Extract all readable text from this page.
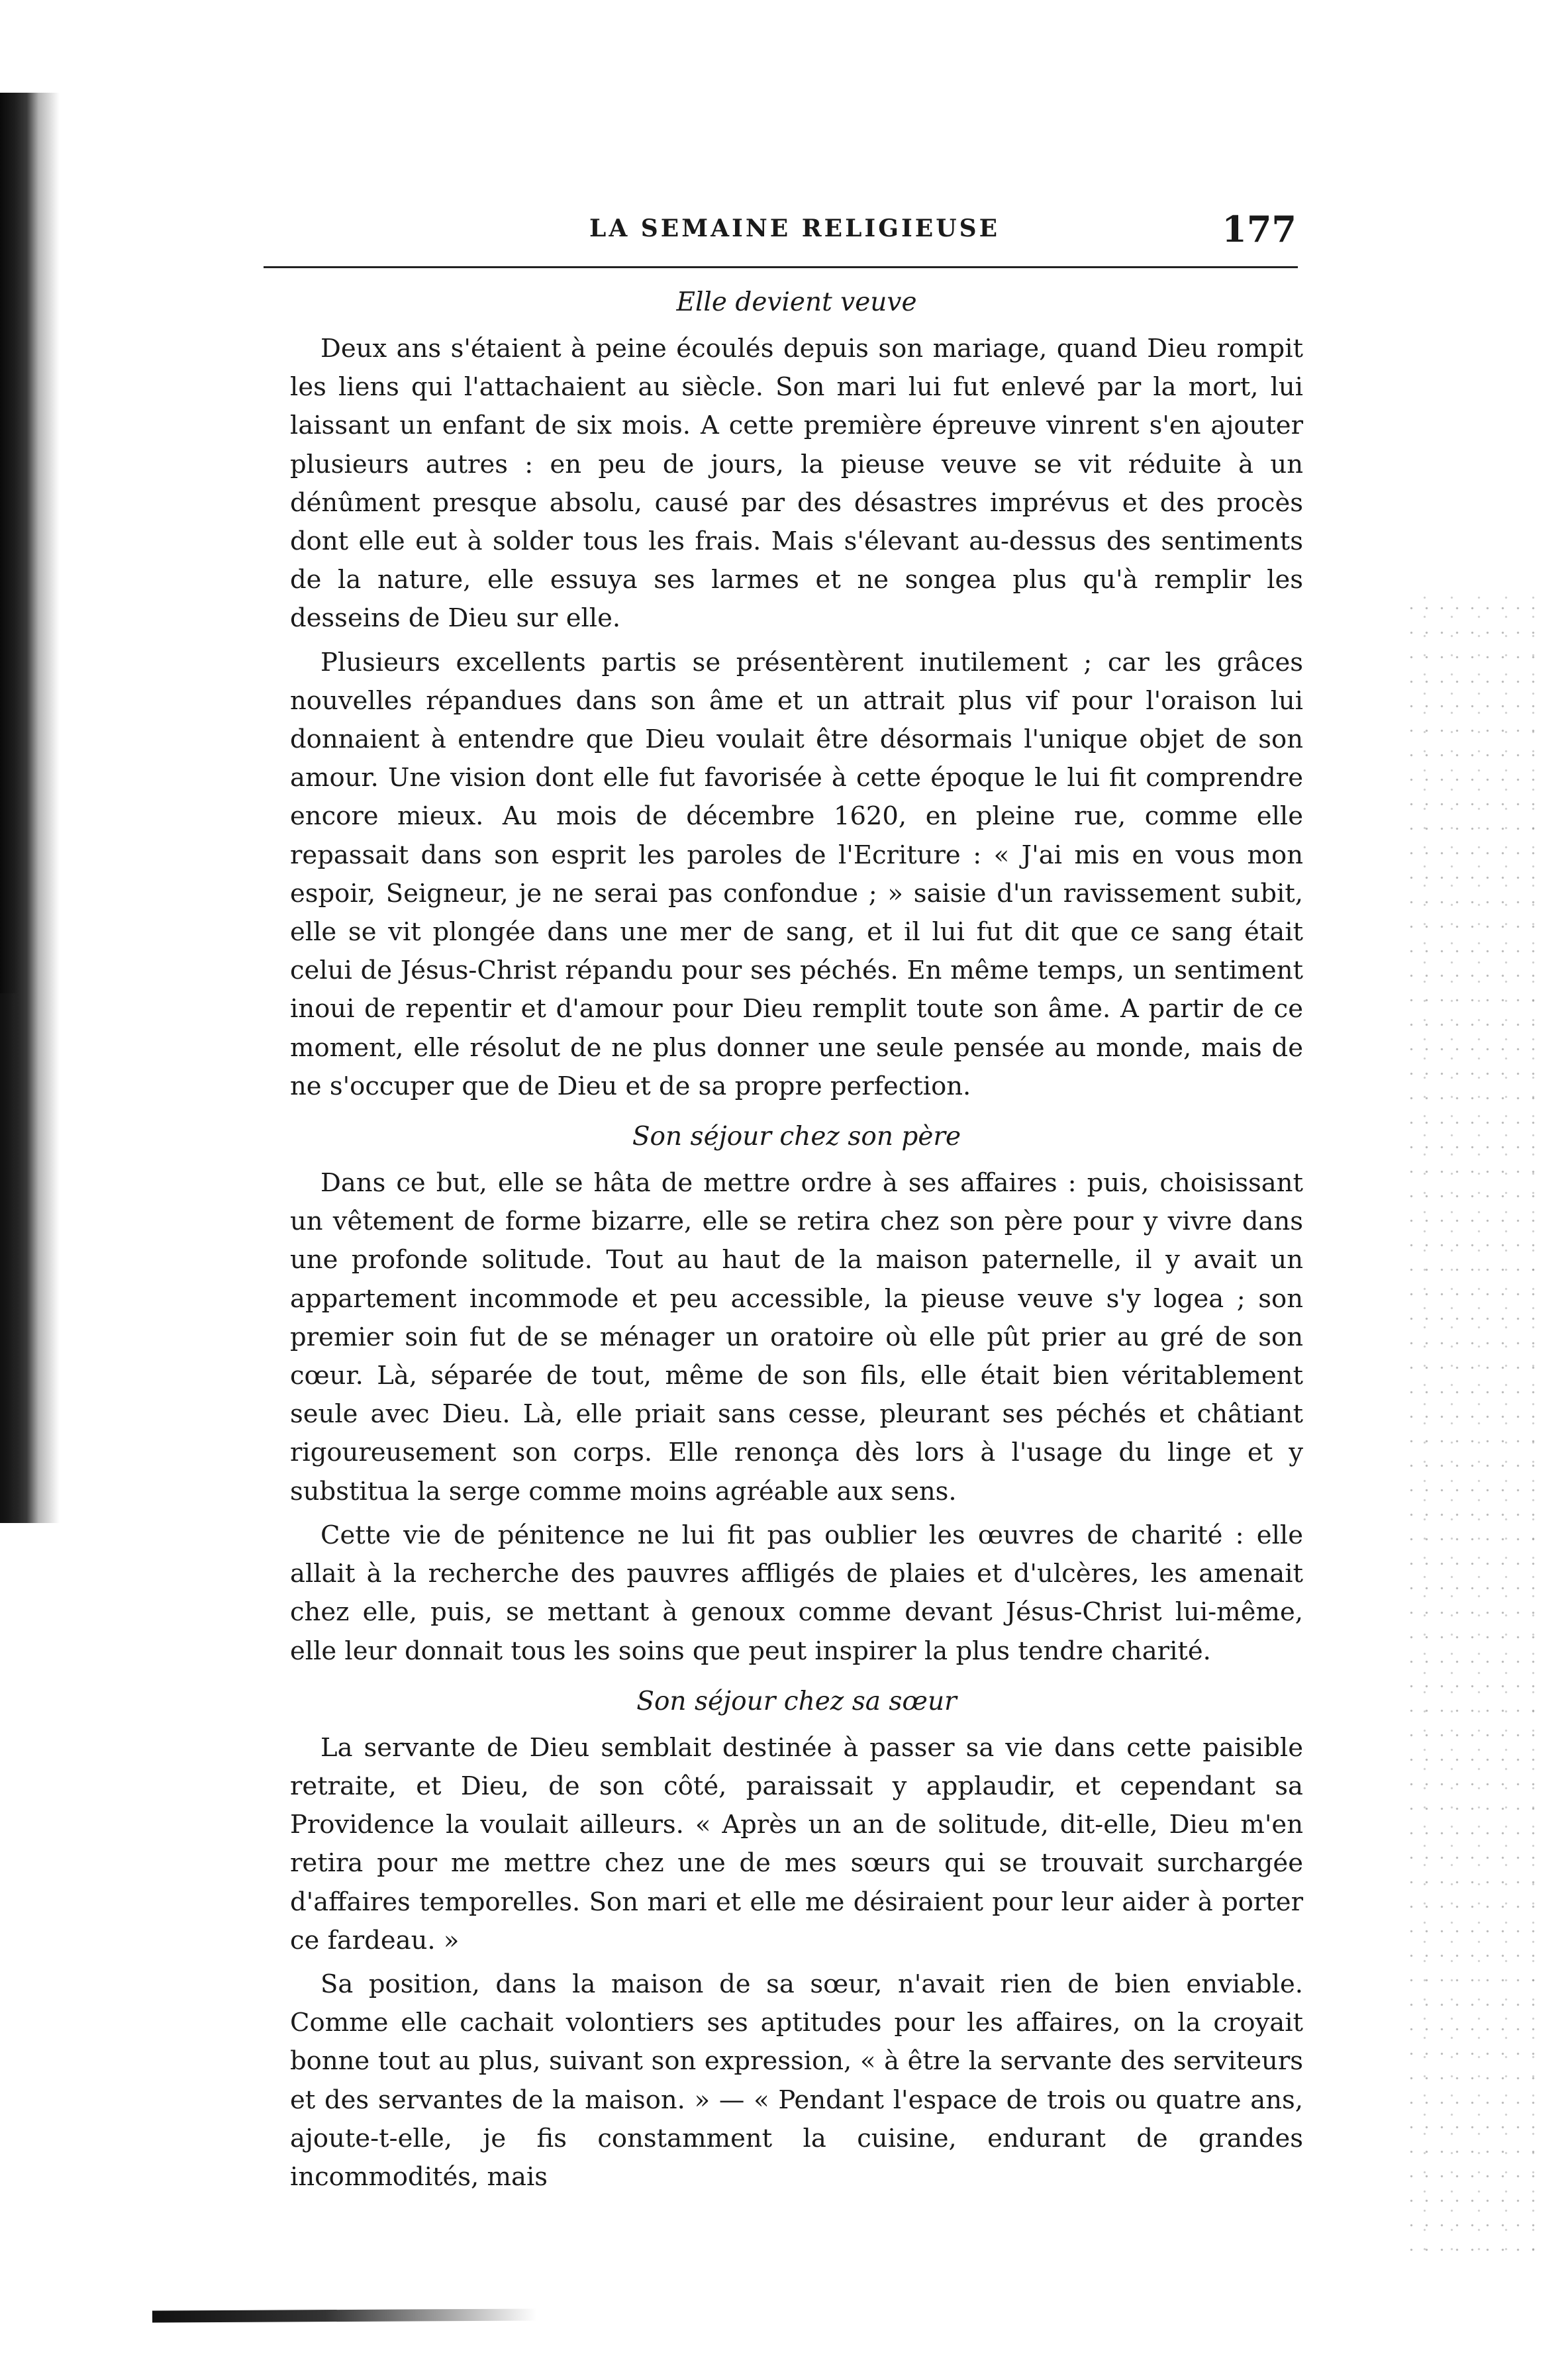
LA SEMAINE RELIGIEUSE	177
Elle devient veuve

Deux ans s'étaient à peine écoulés depuis son mariage, quand Dieu rompit les liens qui l'attachaient au siècle. Son mari lui fut enlevé par la mort, lui laissant un enfant de six mois. A cette première épreuve vinrent s'en ajouter plusieurs autres : en peu de jours, la pieuse veuve se vit réduite à un dénûment presque absolu, causé par des désastres imprévus et des procès dont elle eut à solder tous les frais. Mais s'élevant au-dessus des sentiments de la nature, elle essuya ses larmes et ne songea plus qu'à remplir les desseins de Dieu sur elle.

Plusieurs excellents partis se présentèrent inutilement ; car les grâces nouvelles répandues dans son âme et un attrait plus vif pour l'oraison lui donnaient à entendre que Dieu voulait être désormais l'unique objet de son amour. Une vision dont elle fut favorisée à cette époque le lui fit comprendre encore mieux. Au mois de décembre 1620, en pleine rue, comme elle repassait dans son esprit les paroles de l'Ecriture : « J'ai mis en vous mon espoir, Seigneur, je ne serai pas confondue ; » saisie d'un ravissement subit, elle se vit plongée dans une mer de sang, et il lui fut dit que ce sang était celui de Jésus-Christ répandu pour ses péchés. En même temps, un sentiment inoui de repentir et d'amour pour Dieu remplit toute son âme. A partir de ce moment, elle résolut de ne plus donner une seule pensée au monde, mais de ne s'occuper que de Dieu et de sa propre perfection.

Son séjour chez son père

Dans ce but, elle se hâta de mettre ordre à ses affaires : puis, choisissant un vêtement de forme bizarre, elle se retira chez son père pour y vivre dans une profonde solitude. Tout au haut de la maison paternelle, il y avait un appartement incommode et peu accessible, la pieuse veuve s'y logea ; son premier soin fut de se ménager un oratoire où elle pût prier au gré de son cœur. Là, séparée de tout, même de son fils, elle était bien véritablement seule avec Dieu. Là, elle priait sans cesse, pleurant ses péchés et châtiant rigoureusement son corps. Elle renonça dès lors à l'usage du linge et y substitua la serge comme moins agréable aux sens.

Cette vie de pénitence ne lui fit pas oublier les œuvres de charité : elle allait à la recherche des pauvres affligés de plaies et d'ulcères, les amenait chez elle, puis, se mettant à genoux comme devant Jésus-Christ lui-même, elle leur donnait tous les soins que peut inspirer la plus tendre charité.

Son séjour chez sa sœur

La servante de Dieu semblait destinée à passer sa vie dans cette paisible retraite, et Dieu, de son côté, paraissait y applaudir, et cependant sa Providence la voulait ailleurs. « Après un an de solitude, dit-elle, Dieu m'en retira pour me mettre chez une de mes sœurs qui se trouvait surchargée d'affaires temporelles. Son mari et elle me désiraient pour leur aider à porter ce fardeau. »

Sa position, dans la maison de sa sœur, n'avait rien de bien enviable. Comme elle cachait volontiers ses aptitudes pour les affaires, on la croyait bonne tout au plus, suivant son expression, « à être la servante des serviteurs et des servantes de la maison. » — « Pendant l'espace de trois ou quatre ans, ajoute-t-elle, je fis constamment la cuisine, endurant de grandes incommodités, mais
